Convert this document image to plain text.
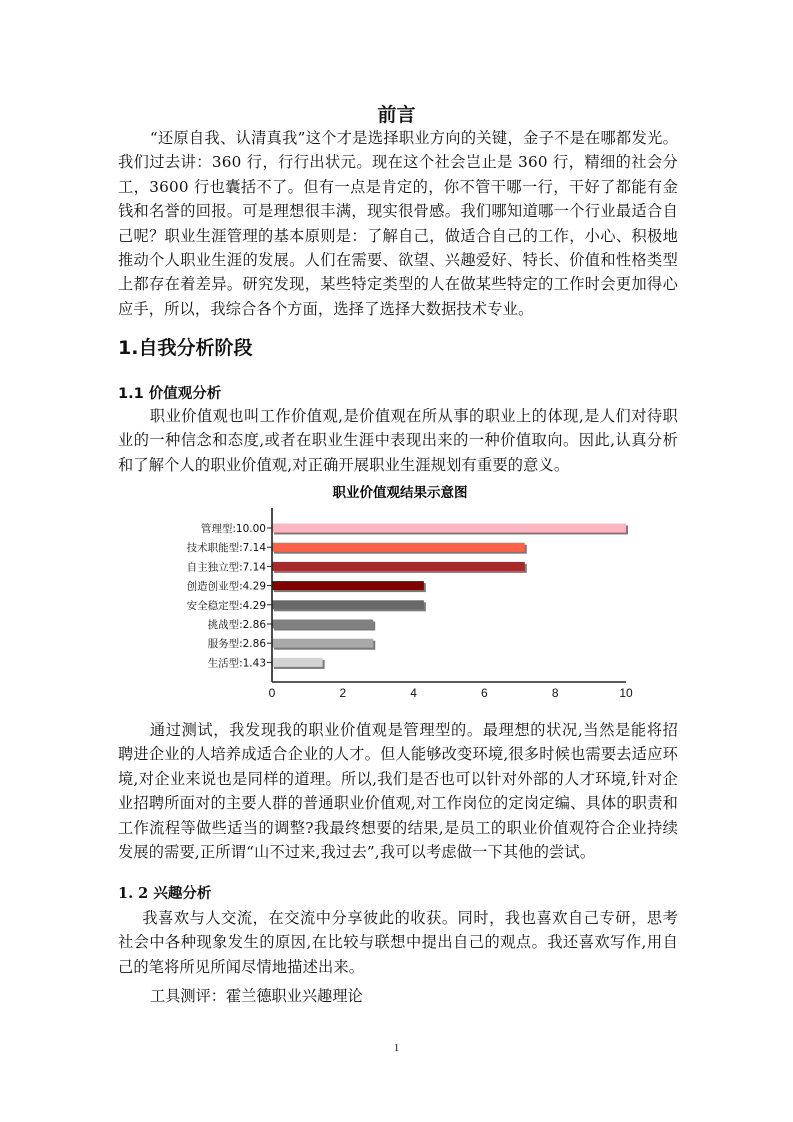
前言

“还原自我、认清真我”这个才是选择职业方向的关键，金子不是在哪都发光。我们过去讲：360 行，行行出状元。现在这个社会岂止是 360 行，精细的社会分工，3600 行也囊括不了。但有一点是肯定的，你不管干哪一行，干好了都能有金钱和名誉的回报。可是理想很丰满，现实很骨感。我们哪知道哪一个行业最适合自己呢？职业生涯管理的基本原则是：了解自己，做适合自己的工作，小心、积极地推动个人职业生涯的发展。人们在需要、欲望、兴趣爱好、特长、价值和性格类型上都存在着差异。研究发现，某些特定类型的人在做某些特定的工作时会更加得心应手，所以，我综合各个方面，选择了选择大数据技术专业。

1.自我分析阶段
1.1 价值观分析

职业价值观也叫工作价值观,是价值观在所从事的职业上的体现,是人们对待职业的一种信念和态度,或者在职业生涯中表现出来的一种价值取向。因此,认真分析和了解个人的职业价值观,对正确开展职业生涯规划有重要的意义。

职业价值观结果示意图
管理型:10.00
技术职能型:7.14
自主独立型:7.14
创造创业型:4.29
安全稳定型:4.29
挑战型:2.86
服务型:2.86
生活型:1.43
0	2	4	6	8	10

通过测试，我发现我的职业价值观是管理型的。最理想的状况,当然是能将招聘进企业的人培养成适合企业的人才。但人能够改变环境,很多时候也需要去适应环境,对企业来说也是同样的道理。所以,我们是否也可以针对外部的人才环境,针对企业招聘所面对的主要人群的普通职业价值观,对工作岗位的定岗定编、具体的职责和工作流程等做些适当的调整?我最终想要的结果,是员工的职业价值观符合企业持续发展的需要,正所谓“山不过来,我过去”,我可以考虑做一下其他的尝试。

1. 2 兴趣分析

我喜欢与人交流，在交流中分享彼此的收获。同时，我也喜欢自己专研，思考社会中各种现象发生的原因,在比较与联想中提出自己的观点。我还喜欢写作,用自己的笔将所见所闻尽情地描述出来。

工具测评：霍兰德职业兴趣理论
1
